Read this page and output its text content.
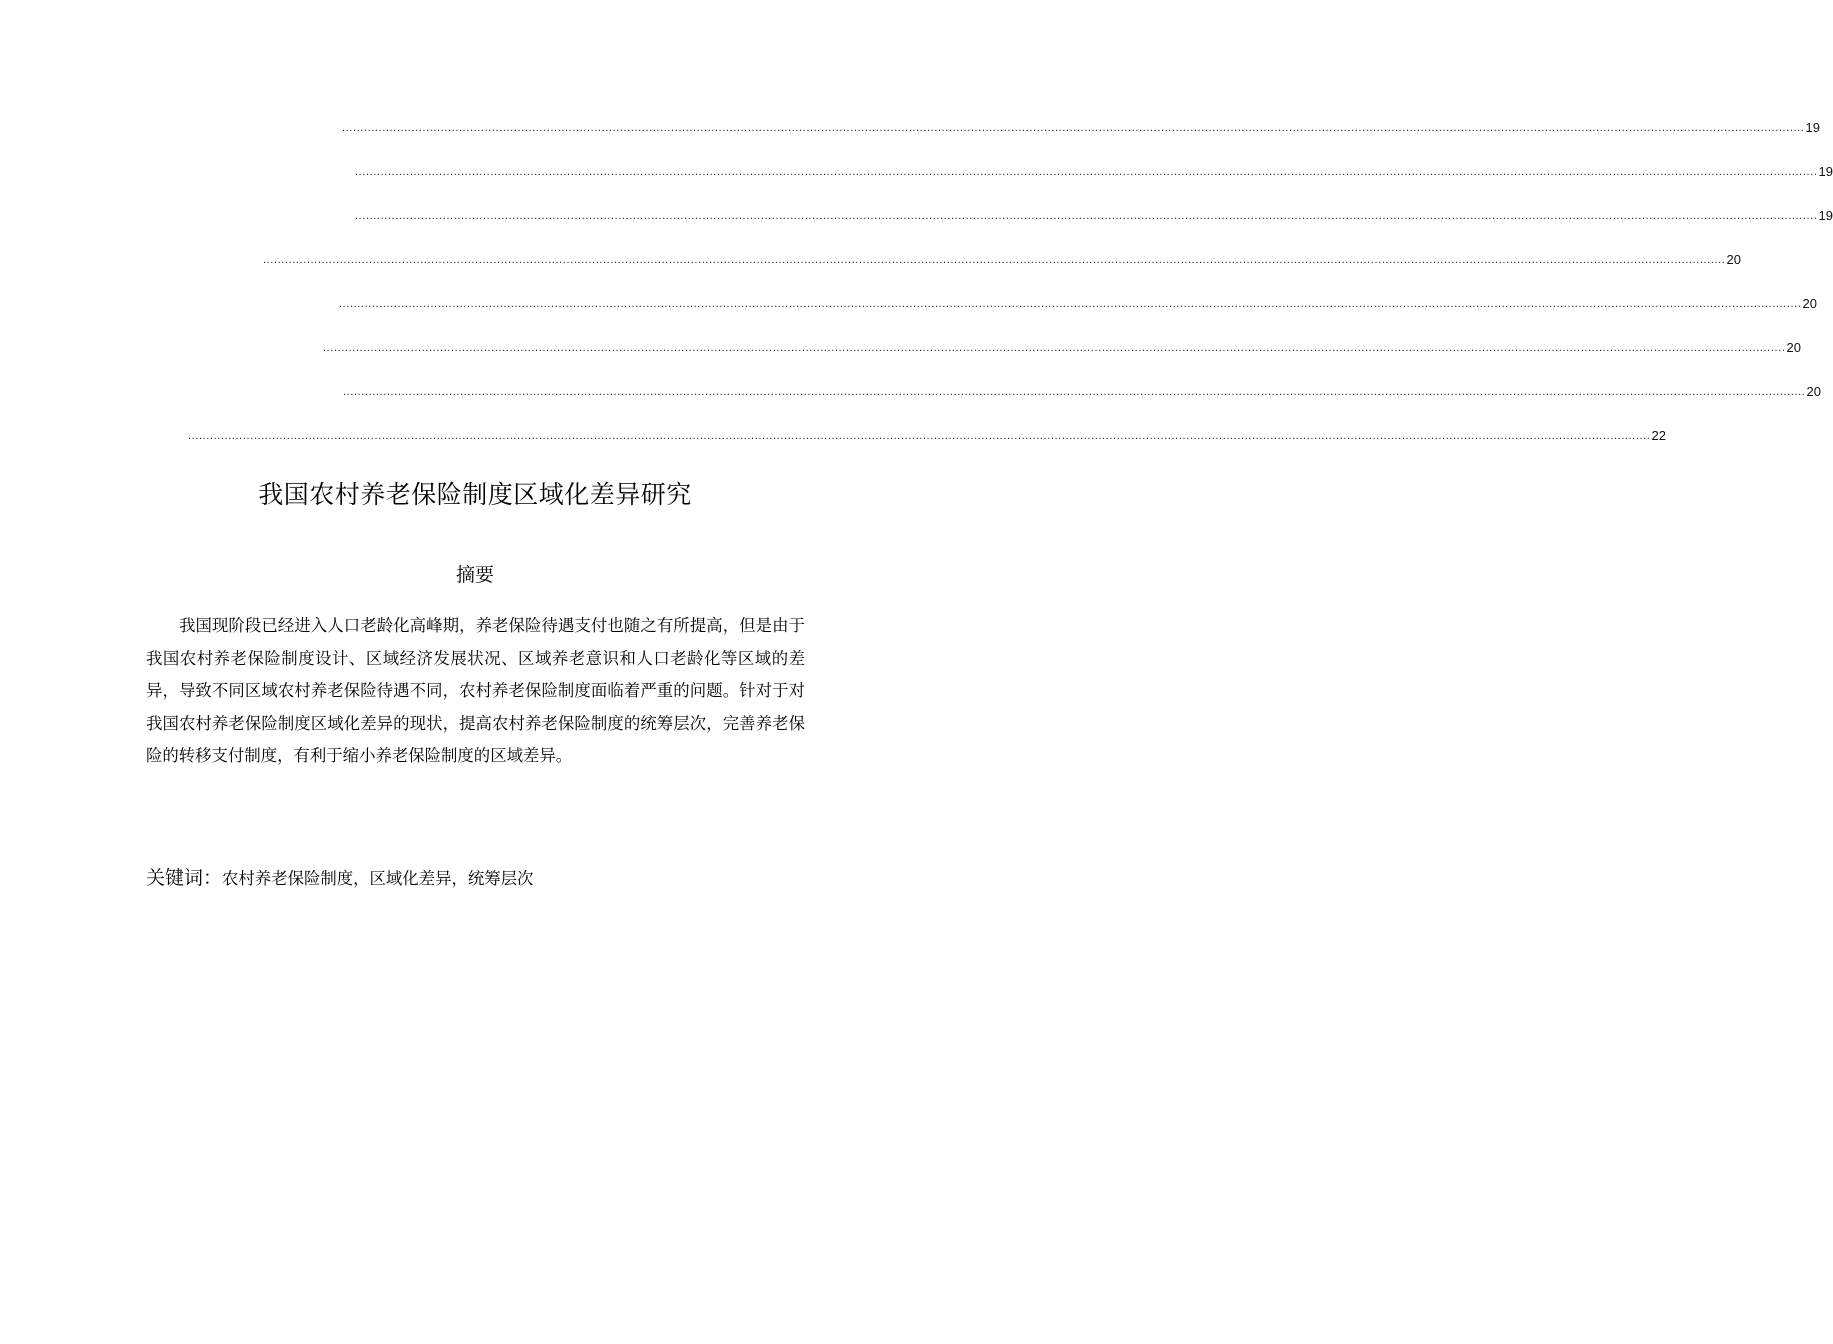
................................................................................................................................................................................................................................................................................................................................................................................................................ 19
................................................................................................................................................................................................................................................................................................................................................................................................................ 19
................................................................................................................................................................................................................................................................................................................................................................................................................ 19
................................................................................................................................................................................................................................................................................................................................................................................................................ 20
................................................................................................................................................................................................................................................................................................................................................................................................................ 20
................................................................................................................................................................................................................................................................................................................................................................................................................ 20
................................................................................................................................................................................................................................................................................................................................................................................................................ 20
................................................................................................................................................................................................................................................................................................................................................................................................................ 22
我国农村养老保险制度区域化差异研究
摘要

我国现阶段已经进入人口老龄化高峰期，养老保险待遇支付也随之有所提高，但是由于我国农村养老保险制度设计、区域经济发展状况、区域养老意识和人口老龄化等区域的差异，导致不同区域农村养老保险待遇不同，农村养老保险制度面临着严重的问题。针对于对我国农村养老保险制度区域化差异的现状，提高农村养老保险制度的统筹层次，完善养老保险的转移支付制度，有利于缩小养老保险制度的区域差异。

关键词：农村养老保险制度，区域化差异，统筹层次
